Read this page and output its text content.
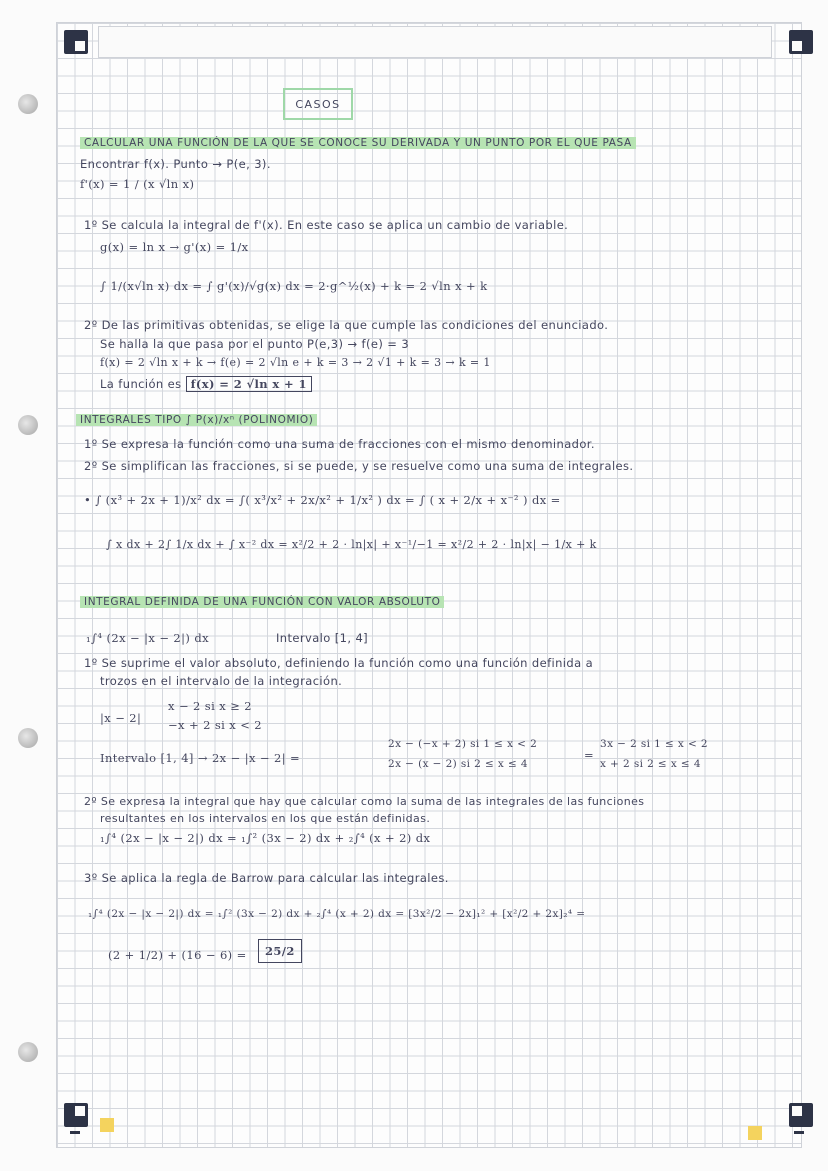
CASOS
CALCULAR UNA FUNCIÓN DE LA QUE SE CONOCE SU DERIVADA Y UN PUNTO POR EL QUE PASA
Encontrar f(x). Punto → P(e, 3).
f'(x) = 1 / (x √ln x)
1º Se calcula la integral de f'(x). En este caso se aplica un cambio de variable.
g(x) = ln x → g'(x) = 1/x
∫ 1/(x√ln x) dx = ∫ g'(x)/√g(x) dx = 2·g^½(x) + k = 2 √ln x + k
2º De las primitivas obtenidas, se elige la que cumple las condiciones del enunciado.
Se halla la que pasa por el punto P(e,3) → f(e) = 3
f(x) = 2 √ln x + k → f(e) = 2 √ln e + k = 3 → 2 √1 + k = 3 → k = 1
La función es f(x) = 2 √ln x + 1
INTEGRALES TIPO ∫ P(x)/xⁿ (POLINOMIO)
1º Se expresa la función como una suma de fracciones con el mismo denominador.
2º Se simplifican las fracciones, si se puede, y se resuelve como una suma de integrales.
• ∫ (x³ + 2x + 1)/x² dx = ∫( x³/x² + 2x/x² + 1/x² ) dx = ∫ ( x + 2/x + x⁻² ) dx =
∫ x dx + 2∫ 1/x dx + ∫ x⁻² dx = x²/2 + 2 · ln|x| + x⁻¹/−1 = x²/2 + 2 · ln|x| − 1/x + k
INTEGRAL DEFINIDA DE UNA FUNCIÓN CON VALOR ABSOLUTO
₁∫⁴ (2x − |x − 2|) dx	Intervalo [1, 4]
1º Se suprime el valor absoluto, definiendo la función como una función definida a
trozos en el intervalo de la integración.
|x − 2|
x − 2 si x ≥ 2
−x + 2 si x < 2
Intervalo [1, 4] → 2x − |x − 2| =
2x − (−x + 2) si 1 ≤ x < 2
2x − (x − 2) si 2 ≤ x ≤ 4
=
3x − 2 si 1 ≤ x < 2
x + 2 si 2 ≤ x ≤ 4
2º Se expresa la integral que hay que calcular como la suma de las integrales de las funciones
resultantes en los intervalos en los que están definidas.
₁∫⁴ (2x − |x − 2|) dx = ₁∫² (3x − 2) dx + ₂∫⁴ (x + 2) dx
3º Se aplica la regla de Barrow para calcular las integrales.
₁∫⁴ (2x − |x − 2|) dx = ₁∫² (3x − 2) dx + ₂∫⁴ (x + 2) dx = [3x²/2 − 2x]₁² + [x²/2 + 2x]₂⁴ =
(2 + 1/2) + (16 − 6) =	25/2
